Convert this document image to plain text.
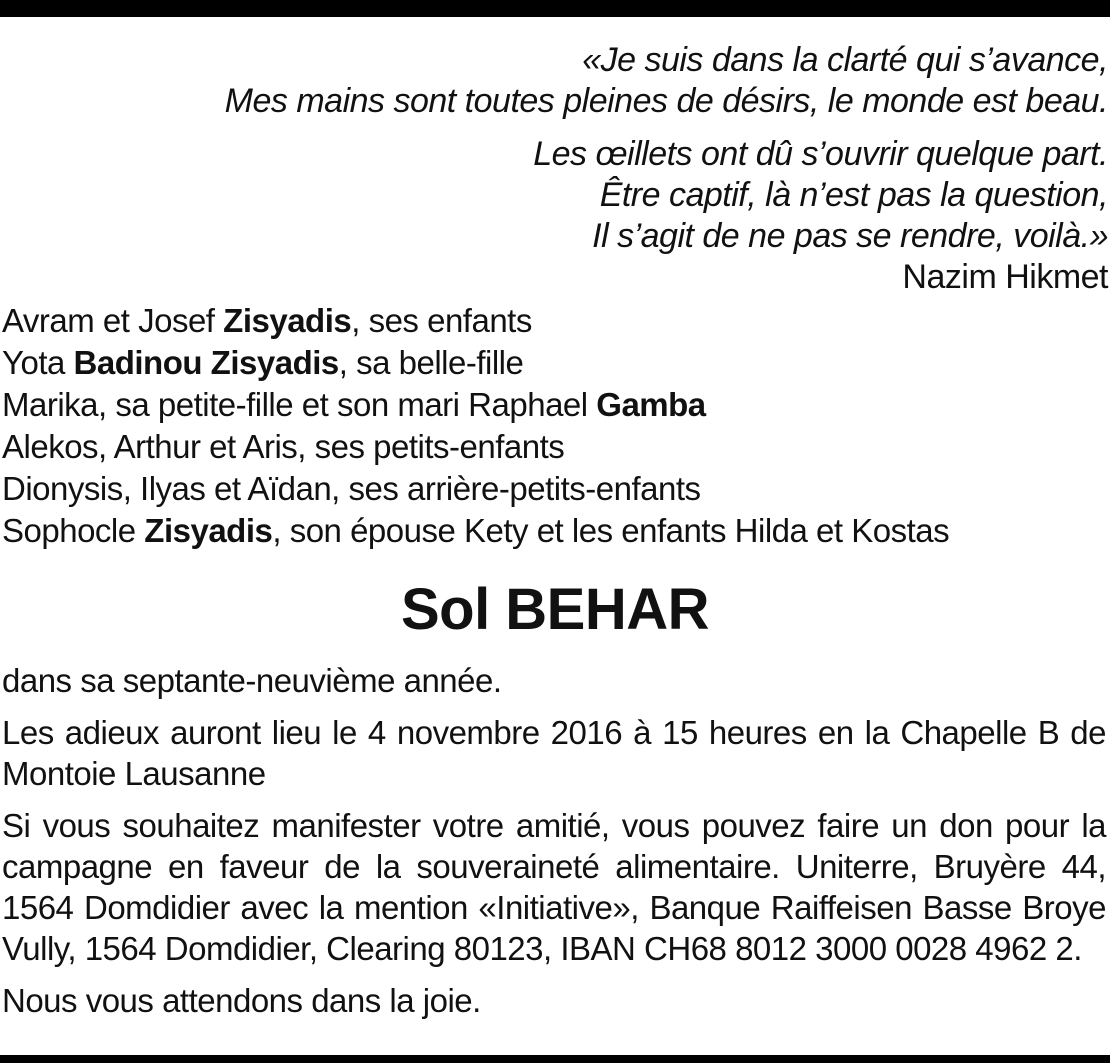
«Je suis dans la clarté qui s’avance,
Mes mains sont toutes pleines de désirs, le monde est beau.
Les œillets ont dû s’ouvrir quelque part.
Être captif, là n’est pas la question,
Il s’agit de ne pas se rendre, voilà.»
Nazim Hikmet
Avram et Josef Zisyadis, ses enfants
Yota Badinou Zisyadis, sa belle-fille
Marika, sa petite-fille et son mari Raphael Gamba
Alekos, Arthur et Aris, ses petits-enfants
Dionysis, Ilyas et Aïdan, ses arrière-petits-enfants
Sophocle Zisyadis, son épouse Kety et les enfants Hilda et Kostas
Sol BEHAR

dans sa septante-neuvième année.

Les adieux auront lieu le 4 novembre 2016 à 15 heures en la Chapelle B de Montoie Lausanne

Si vous souhaitez manifester votre amitié, vous pouvez faire un don pour la campagne en faveur de la souveraineté alimentaire. Uniterre, Bruyère 44, 1564 Domdidier avec la mention «Initiative», Banque Raiffeisen Basse Broye Vully, 1564 Domdidier, Clearing 80123, IBAN CH68 8012 3000 0028 4962 2.

Nous vous attendons dans la joie.
